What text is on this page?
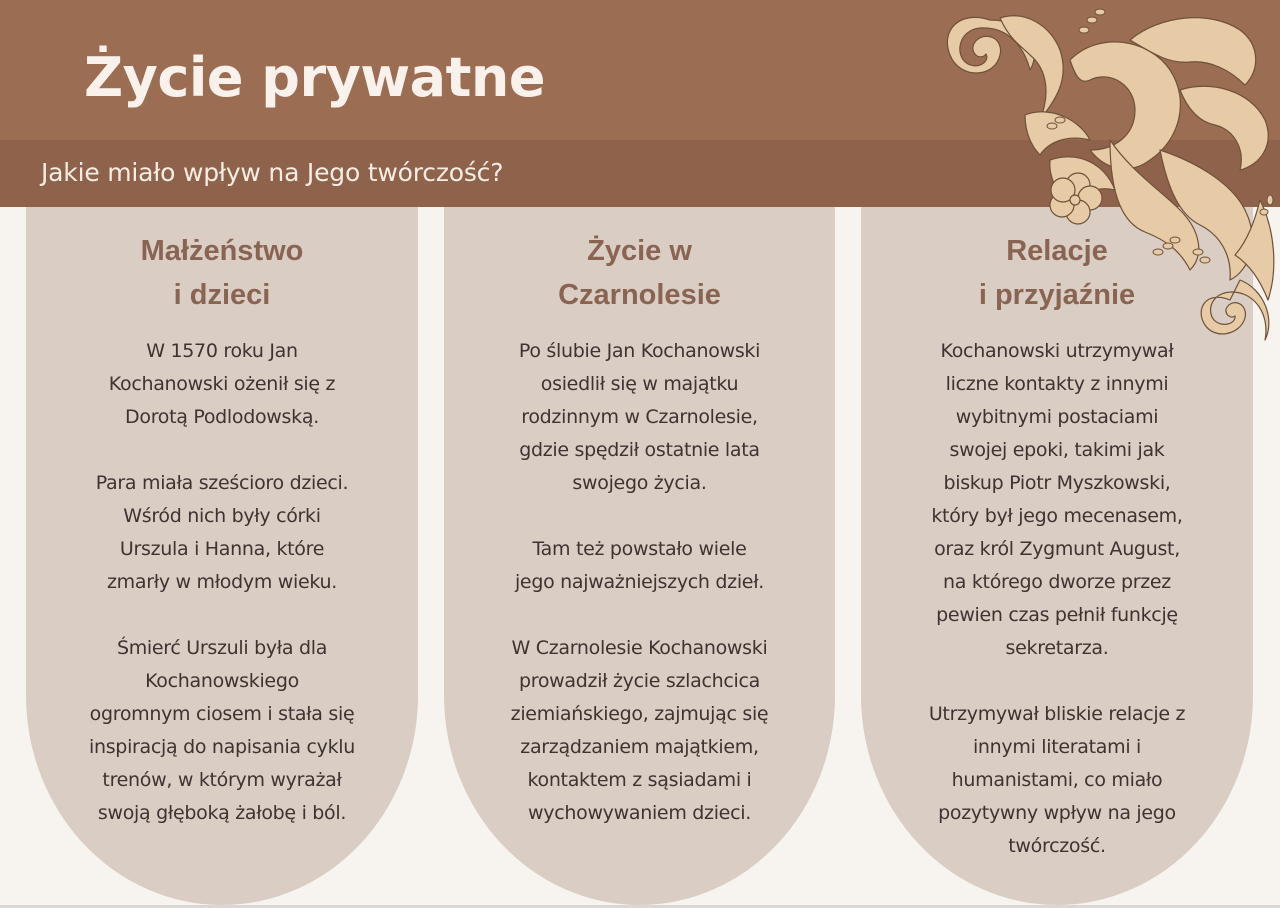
Życie prywatne
Jakie miało wpływ na Jego twórczość?
Małżeństwo
i dzieci

W 1570 roku Jan
Kochanowski ożenił się z
Dorotą Podlodowską.

Para miała sześcioro dzieci.
Wśród nich były córki
Urszula i Hanna, które
zmarły w młodym wieku.

Śmierć Urszuli była dla
Kochanowskiego
ogromnym ciosem i stała się
inspiracją do napisania cyklu
trenów, w którym wyrażał
swoją głęboką żałobę i ból.

Życie w
Czarnolesie

Po ślubie Jan Kochanowski
osiedlił się w majątku
rodzinnym w Czarnolesie,
gdzie spędził ostatnie lata
swojego życia.

Tam też powstało wiele
jego najważniejszych dzieł.

W Czarnolesie Kochanowski
prowadził życie szlachcica
ziemiańskiego, zajmując się
zarządzaniem majątkiem,
kontaktem z sąsiadami i
wychowywaniem dzieci.

Relacje
i przyjaźnie

Kochanowski utrzymywał
liczne kontakty z innymi
wybitnymi postaciami
swojej epoki, takimi jak
biskup Piotr Myszkowski,
który był jego mecenasem,
oraz król Zygmunt August,
na którego dworze przez
pewien czas pełnił funkcję
sekretarza.

Utrzymywał bliskie relacje z
innymi literatami i
humanistami, co miało
pozytywny wpływ na jego
twórczość.
